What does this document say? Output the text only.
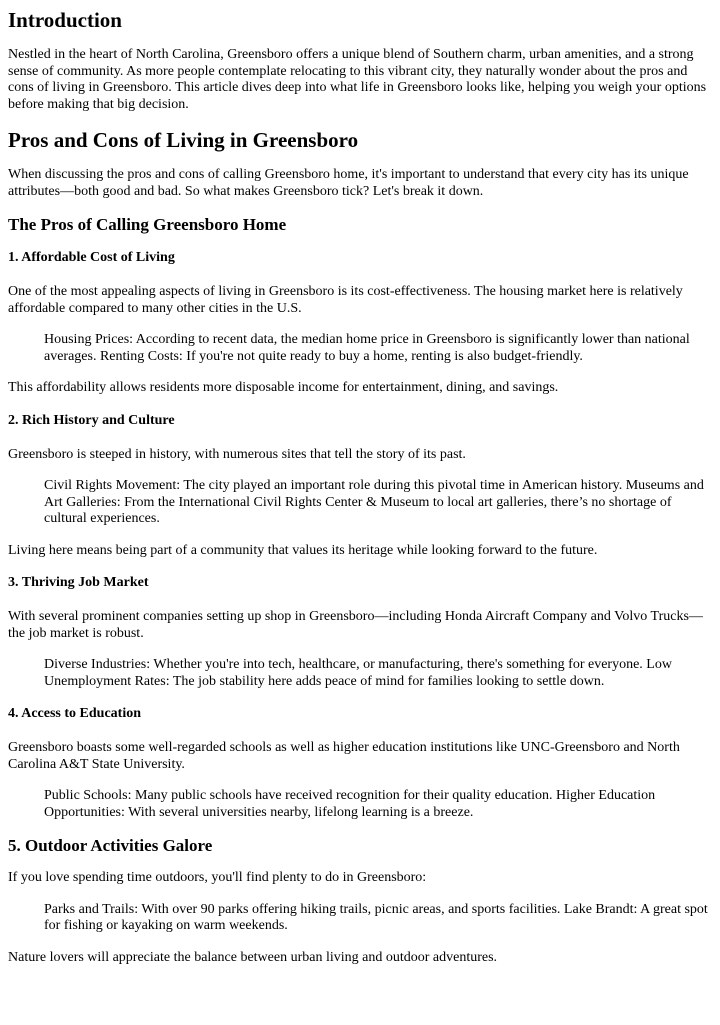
Introduction

Nestled in the heart of North Carolina, Greensboro offers a unique blend of Southern charm, urban amenities, and a strong sense of community. As more people contemplate relocating to this vibrant city, they naturally wonder about the pros and cons of living in Greensboro. This article dives deep into what life in Greensboro looks like, helping you weigh your options before making that big decision.

Pros and Cons of Living in Greensboro

When discussing the pros and cons of calling Greensboro home, it's important to understand that every city has its unique attributes—both good and bad. So what makes Greensboro tick? Let's break it down.

The Pros of Calling Greensboro Home
1. Affordable Cost of Living

One of the most appealing aspects of living in Greensboro is its cost-effectiveness. The housing market here is relatively affordable compared to many other cities in the U.S.

Housing Prices: According to recent data, the median home price in Greensboro is significantly lower than national averages. Renting Costs: If you're not quite ready to buy a home, renting is also budget-friendly.

This affordability allows residents more disposable income for entertainment, dining, and savings.

2. Rich History and Culture

Greensboro is steeped in history, with numerous sites that tell the story of its past.

Civil Rights Movement: The city played an important role during this pivotal time in American history. Museums and Art Galleries: From the International Civil Rights Center & Museum to local art galleries, there’s no shortage of cultural experiences.

Living here means being part of a community that values its heritage while looking forward to the future.

3. Thriving Job Market

With several prominent companies setting up shop in Greensboro—including Honda Aircraft Company and Volvo Trucks—the job market is robust.

Diverse Industries: Whether you're into tech, healthcare, or manufacturing, there's something for everyone. Low Unemployment Rates: The job stability here adds peace of mind for families looking to settle down.
4. Access to Education

Greensboro boasts some well-regarded schools as well as higher education institutions like UNC-Greensboro and North Carolina A&T State University.

Public Schools: Many public schools have received recognition for their quality education. Higher Education Opportunities: With several universities nearby, lifelong learning is a breeze.
5. Outdoor Activities Galore

If you love spending time outdoors, you'll find plenty to do in Greensboro:

Parks and Trails: With over 90 parks offering hiking trails, picnic areas, and sports facilities. Lake Brandt: A great spot for fishing or kayaking on warm weekends.

Nature lovers will appreciate the balance between urban living and outdoor adventures.
